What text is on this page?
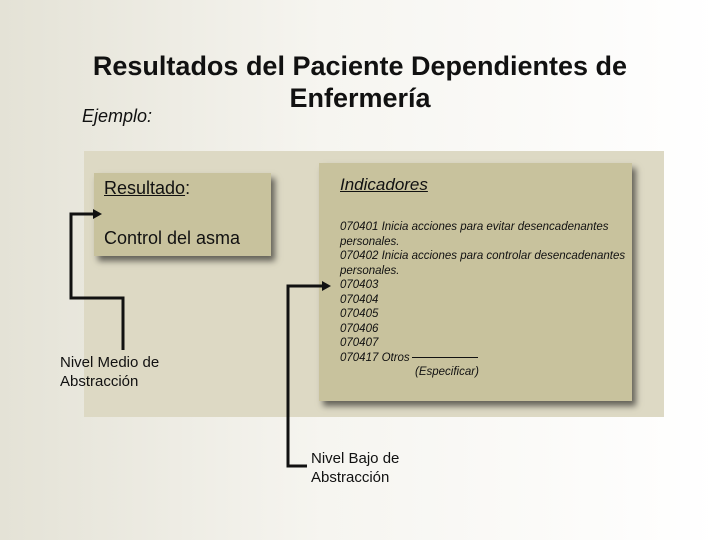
Resultados del Paciente Dependientes de Enfermería
Ejemplo:
Resultado:
Control del asma
Indicadores
070401 Inicia acciones para evitar desencadenantes personales.
070402 Inicia acciones para controlar desencadenantes personales.
070403
070404
070405
070406
070407
070417 Otros
(Especificar)
Nivel Medio de
Abstracción
Nivel Bajo de
Abstracción
